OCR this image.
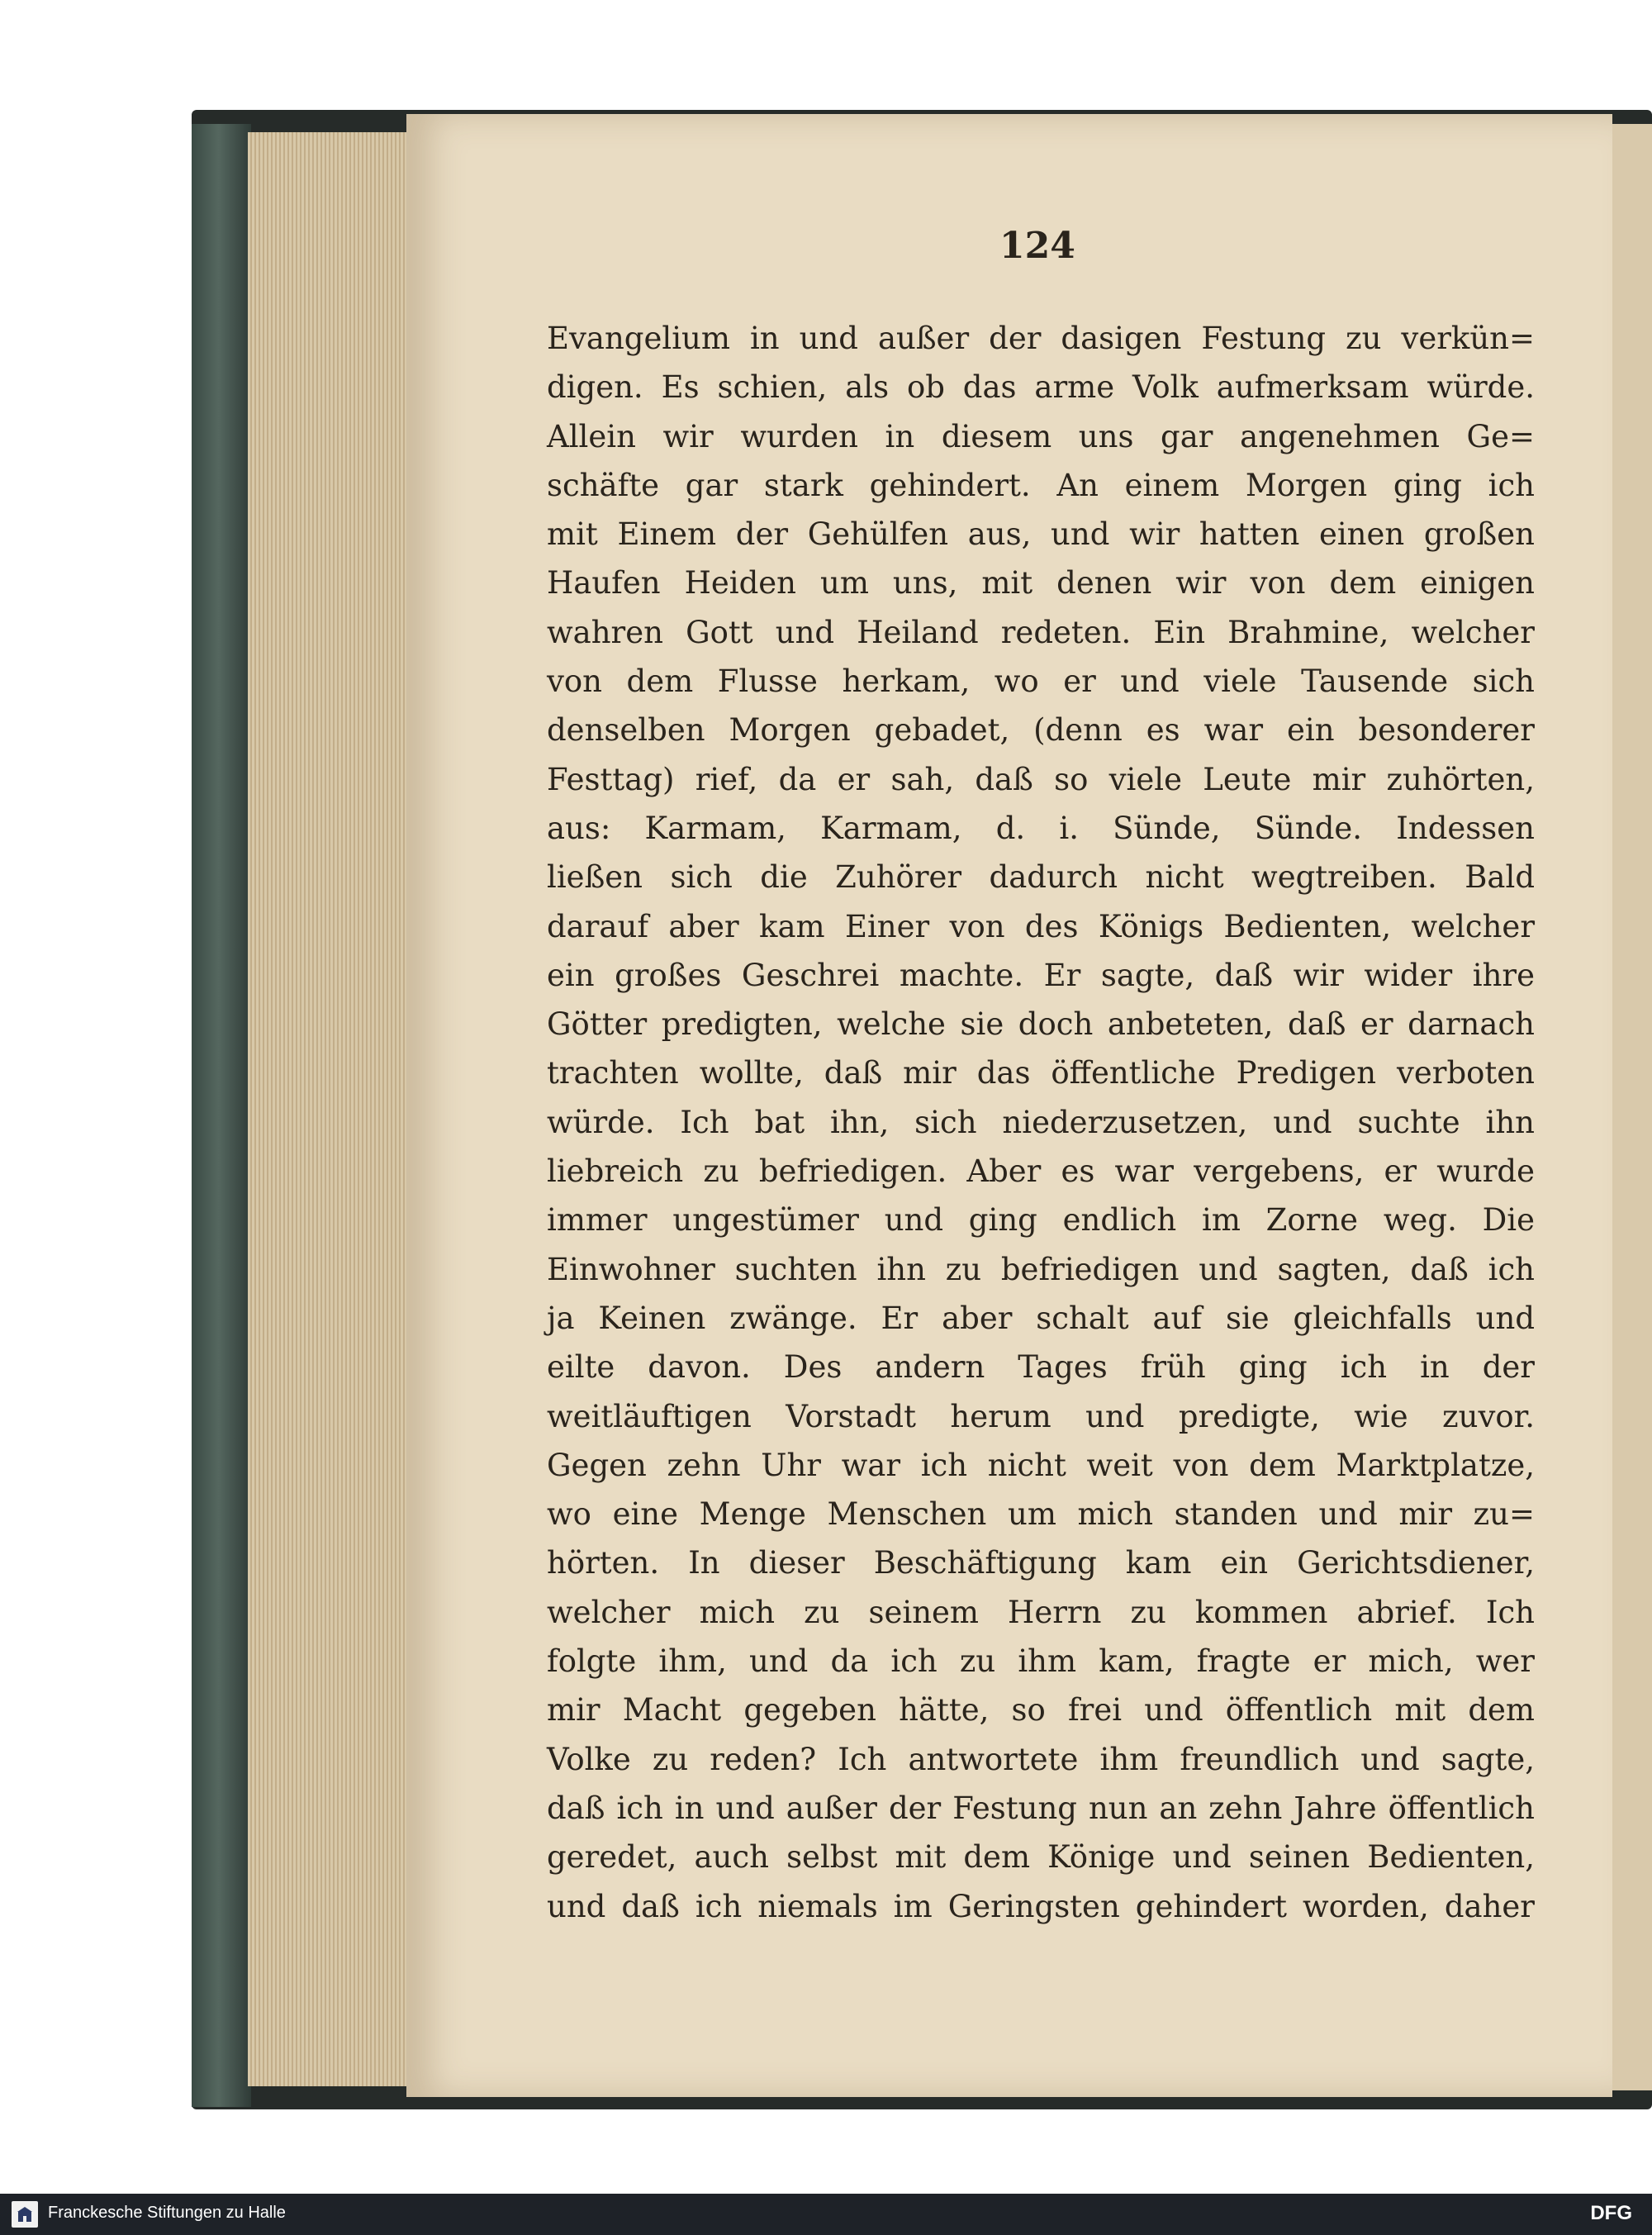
124
Evangelium in und außer der dasigen Festung zu verkün=
digen. Es schien, als ob das arme Volk aufmerksam würde.
Allein wir wurden in diesem uns gar angenehmen Ge=
schäfte gar stark gehindert. An einem Morgen ging ich
mit Einem der Gehülfen aus, und wir hatten einen großen
Haufen Heiden um uns, mit denen wir von dem einigen
wahren Gott und Heiland redeten. Ein Brahmine, welcher
von dem Flusse herkam, wo er und viele Tausende sich
denselben Morgen gebadet, (denn es war ein besonderer
Festtag) rief, da er sah, daß so viele Leute mir zuhörten,
aus: Karmam, Karmam, d. i. Sünde, Sünde. Indessen
ließen sich die Zuhörer dadurch nicht wegtreiben. Bald
darauf aber kam Einer von des Königs Bedienten, welcher
ein großes Geschrei machte. Er sagte, daß wir wider ihre
Götter predigten, welche sie doch anbeteten, daß er darnach
trachten wollte, daß mir das öffentliche Predigen verboten
würde. Ich bat ihn, sich niederzusetzen, und suchte ihn
liebreich zu befriedigen. Aber es war vergebens, er wurde
immer ungestümer und ging endlich im Zorne weg. Die
Einwohner suchten ihn zu befriedigen und sagten, daß ich
ja Keinen zwänge. Er aber schalt auf sie gleichfalls und
eilte davon. Des andern Tages früh ging ich in der
weitläuftigen Vorstadt herum und predigte, wie zuvor.
Gegen zehn Uhr war ich nicht weit von dem Marktplatze,
wo eine Menge Menschen um mich standen und mir zu=
hörten. In dieser Beschäftigung kam ein Gerichtsdiener,
welcher mich zu seinem Herrn zu kommen abrief. Ich
folgte ihm, und da ich zu ihm kam, fragte er mich, wer
mir Macht gegeben hätte, so frei und öffentlich mit dem
Volke zu reden? Ich antwortete ihm freundlich und sagte,
daß ich in und außer der Festung nun an zehn Jahre öffentlich
geredet, auch selbst mit dem Könige und seinen Bedienten,
und daß ich niemals im Geringsten gehindert worden, daher
Franckesche Stiftungen zu Halle	DFG
